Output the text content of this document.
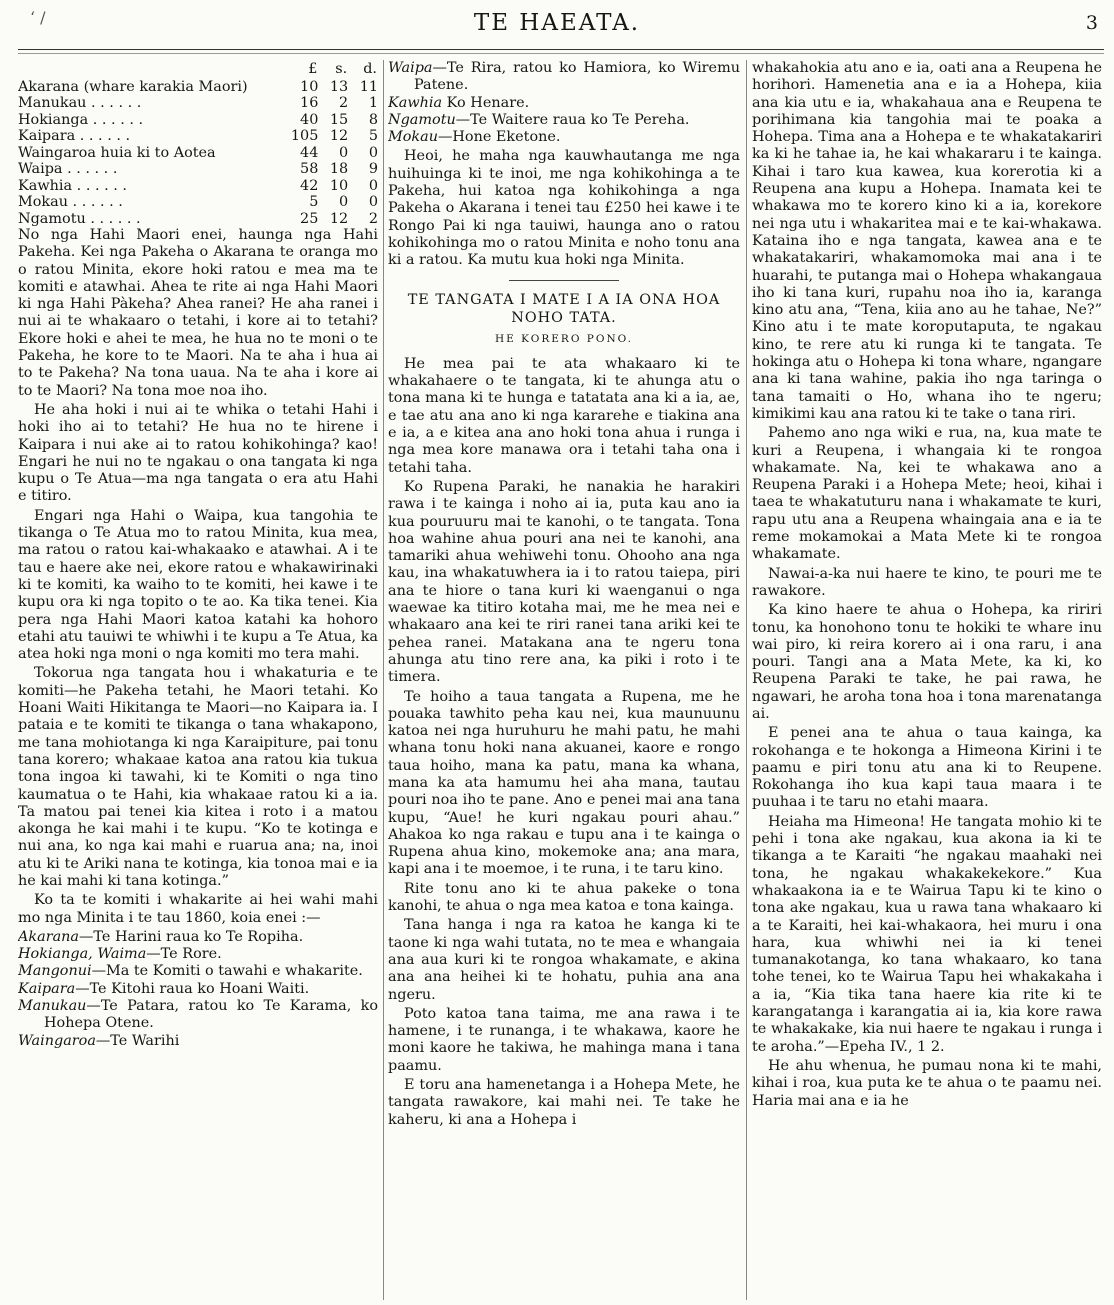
‘ /	TE HAEATA.	3
	£	s.	d.
Akarana (whare karakia Maori)	10	13	11
Manukau . . . . . .	16	2	1
Hokianga . . . . . .	40	15	8
Kaipara . . . . . .	105	12	5
Waingaroa huia ki to Aotea	44	0	0
Waipa . . . . . .	58	18	9
Kawhia . . . . . .	42	10	0
Mokau . . . . . .	5	0	0
Ngamotu . . . . . .	25	12	2

No nga Hahi Maori enei, haunga nga Hahi Pakeha. Kei nga Pakeha o Akarana te oranga mo o ratou Minita, ekore hoki ratou e mea ma te komiti e atawhai. Ahea te rite ai nga Hahi Maori ki nga Hahi Pàkeha? Ahea ranei? He aha ranei i nui ai te whakaaro o tetahi, i kore ai to tetahi? Ekore hoki e ahei te mea, he hua no te moni o te Pakeha, he kore to te Maori. Na te aha i hua ai to te Pakeha? Na tona uaua. Na te aha i kore ai to te Maori? Na tona moe noa iho.

He aha hoki i nui ai te whika o tetahi Hahi i hoki iho ai to tetahi? He hua no te hirene i Kaipara i nui ake ai to ratou kohikohinga? kao! Engari he nui no te ngakau o ona tangata ki nga kupu o Te Atua—ma nga tangata o era atu Hahi e titiro.

Engari nga Hahi o Waipa, kua tangohia te tikanga o Te Atua mo to ratou Minita, kua mea, ma ratou o ratou kai-whakaako e atawhai. A i te tau e haere ake nei, ekore ratou e whakawirinaki ki te komiti, ka waiho to te komiti, hei kawe i te kupu ora ki nga topito o te ao. Ka tika tenei. Kia pera nga Hahi Maori katoa katahi ka hohoro etahi atu tauiwi te whiwhi i te kupu a Te Atua, ka atea hoki nga moni o nga komiti mo tera mahi.

Tokorua nga tangata hou i whakaturia e te komiti—he Pakeha tetahi, he Maori tetahi. Ko Hoani Waiti Hikitanga te Maori—no Kaipara ia. I pataia e te komiti te tikanga o tana whakapono, me tana mohiotanga ki nga Karaipiture, pai tonu tana korero; whakaae katoa ana ratou kia tukua tona ingoa ki tawahi, ki te Komiti o nga tino kaumatua o te Hahi, kia whakaae ratou ki a ia. Ta matou pai tenei kia kitea i roto i a matou akonga he kai mahi i te kupu. “Ko te kotinga e nui ana, ko nga kai mahi e ruarua ana; na, inoi atu ki te Ariki nana te kotinga, kia tonoa mai e ia he kai mahi ki tana kotinga.”

Ko ta te komiti i whakarite ai hei wahi mahi mo nga Minita i te tau 1860, koia enei :—

Akarana—Te Harini raua ko Te Ropiha.
Hokianga, Waima—Te Rore.
Mangonui—Ma te Komiti o tawahi e whakarite.
Kaipara—Te Kitohi raua ko Hoani Waiti.
Manukau—Te Patara, ratou ko Te Karama, ko Hohepa Otene.
Waingaroa—Te Warihi
Waipa—Te Rira, ratou ko Hamiora, ko Wiremu Patene.
Kawhia Ko Henare.
Ngamotu—Te Waitere raua ko Te Pereha.
Mokau—Hone Eketone.

Heoi, he maha nga kauwhautanga me nga huihuinga ki te inoi, me nga kohikohinga a te Pakeha, hui katoa nga kohikohinga a nga Pakeha o Akarana i tenei tau £250 hei kawe i te Rongo Pai ki nga tauiwi, haunga ano o ratou kohikohinga mo o ratou Minita e noho tonu ana ki a ratou. Ka mutu kua hoki nga Minita.

TE TANGATA I MATE I A IA ONA HOA NOHO TATA.
HE KORERO PONO.

He mea pai te ata whakaaro ki te whakahaere o te tangata, ki te ahunga atu o tona mana ki te hunga e tatatata ana ki a ia, ae, e tae atu ana ano ki nga kararehe e tiakina ana e ia, a e kitea ana ano hoki tona ahua i runga i nga mea kore manawa ora i tetahi taha ona i tetahi taha.

Ko Rupena Paraki, he nanakia he harakiri rawa i te kainga i noho ai ia, puta kau ano ia kua pouruuru mai te kanohi, o te tangata. Tona hoa wahine ahua pouri ana nei te kanohi, ana tamariki ahua wehiwehi tonu. Ohooho ana nga kau, ina whakatuwhera ia i to ratou taiepa, piri ana te hiore o tana kuri ki waenganui o nga waewae ka titiro kotaha mai, me he mea nei e whakaaro ana kei te riri ranei tana ariki kei te pehea ranei. Matakana ana te ngeru tona ahunga atu tino rere ana, ka piki i roto i te timera.

Te hoiho a taua tangata a Rupena, me he pouaka tawhito peha kau nei, kua maunuunu katoa nei nga huruhuru he mahi patu, he mahi whana tonu hoki nana akuanei, kaore e rongo taua hoiho, mana ka patu, mana ka whana, mana ka ata hamumu hei aha mana, tautau pouri noa iho te pane. Ano e penei mai ana tana kupu, “Aue! he kuri ngakau pouri ahau.” Ahakoa ko nga rakau e tupu ana i te kainga o Rupena ahua kino, mokemoke ana; ana mara, kapi ana i te moemoe, i te runa, i te taru kino.

Rite tonu ano ki te ahua pakeke o tona kanohi, te ahua o nga mea katoa e tona kainga.

Tana hanga i nga ra katoa he kanga ki te taone ki nga wahi tutata, no te mea e whangaia ana aua kuri ki te rongoa whakamate, e akina ana ana heihei ki te hohatu, puhia ana ana ngeru.

Poto katoa tana taima, me ana rawa i te hamene, i te runanga, i te whakawa, kaore he moni kaore he takiwa, he mahinga mana i tana paamu.

E toru ana hamenetanga i a Hohepa Mete, he tangata rawakore, kai mahi nei. Te take he kaheru, ki ana a Hohepa i

whakahokia atu ano e ia, oati ana a Reupena he horihori. Hamenetia ana e ia a Hohepa, kiia ana kia utu e ia, whakahaua ana e Reupena te porihimana kia tangohia mai te poaka a Hohepa. Tima ana a Hohepa e te whakatakariri ka ki he tahae ia, he kai whakararu i te kainga. Kihai i taro kua kawea, kua korerotia ki a Reupena ana kupu a Hohepa. Inamata kei te whakawa mo te korero kino ki a ia, korekore nei nga utu i whakaritea mai e te kai-whakawa. Kataina iho e nga tangata, kawea ana e te whakatakariri, whakamomoka mai ana i te huarahi, te putanga mai o Hohepa whakangaua iho ki tana kuri, rupahu noa iho ia, karanga kino atu ana, “Tena, kiia ano au he tahae, Ne?” Kino atu i te mate koroputaputa, te ngakau kino, te rere atu ki runga ki te tangata. Te hokinga atu o Hohepa ki tona whare, ngangare ana ki tana wahine, pakia iho nga taringa o tana tamaiti o Ho, whana iho te ngeru; kimikimi kau ana ratou ki te take o tana riri.

Pahemo ano nga wiki e rua, na, kua mate te kuri a Reupena, i whangaia ki te rongoa whakamate. Na, kei te whakawa ano a Reupena Paraki i a Hohepa Mete; heoi, kihai i taea te whakatuturu nana i whakamate te kuri, rapu utu ana a Reupena whaingaia ana e ia te reme mokamokai a Mata Mete ki te rongoa whakamate.

Nawai-a-ka nui haere te kino, te pouri me te rawakore.

Ka kino haere te ahua o Hohepa, ka ririri tonu, ka honohono tonu te hokiki te whare inu wai piro, ki reira korero ai i ona raru, i ana pouri. Tangi ana a Mata Mete, ka ki, ko Reupena Paraki te take, he pai rawa, he ngawari, he aroha tona hoa i tona marenatanga ai.

E penei ana te ahua o taua kainga, ka rokohanga e te hokonga a Himeona Kirini i te paamu e piri tonu atu ana ki to Reupene. Rokohanga iho kua kapi taua maara i te puuhaa i te taru no etahi maara.

Heiaha ma Himeona! He tangata mohio ki te pehi i tona ake ngakau, kua akona ia ki te tikanga a te Karaiti “he ngakau maahaki nei tona, he ngakau whakakekekore.” Kua whakaakona ia e te Wairua Tapu ki te kino o tona ake ngakau, kua u rawa tana whakaaro ki a te Karaiti, hei kai-whakaora, hei muru i ona hara, kua whiwhi nei ia ki tenei tumanakotanga, ko tana whakaaro, ko tana tohe tenei, ko te Wairua Tapu hei whakakaha i a ia, “Kia tika tana haere kia rite ki te karangatanga i karangatia ai ia, kia kore rawa te whakakake, kia nui haere te ngakau i runga i te aroha.”—Epeha IV., 1 2.

He ahu whenua, he pumau nona ki te mahi, kihai i roa, kua puta ke te ahua o te paamu nei. Haria mai ana e ia he
